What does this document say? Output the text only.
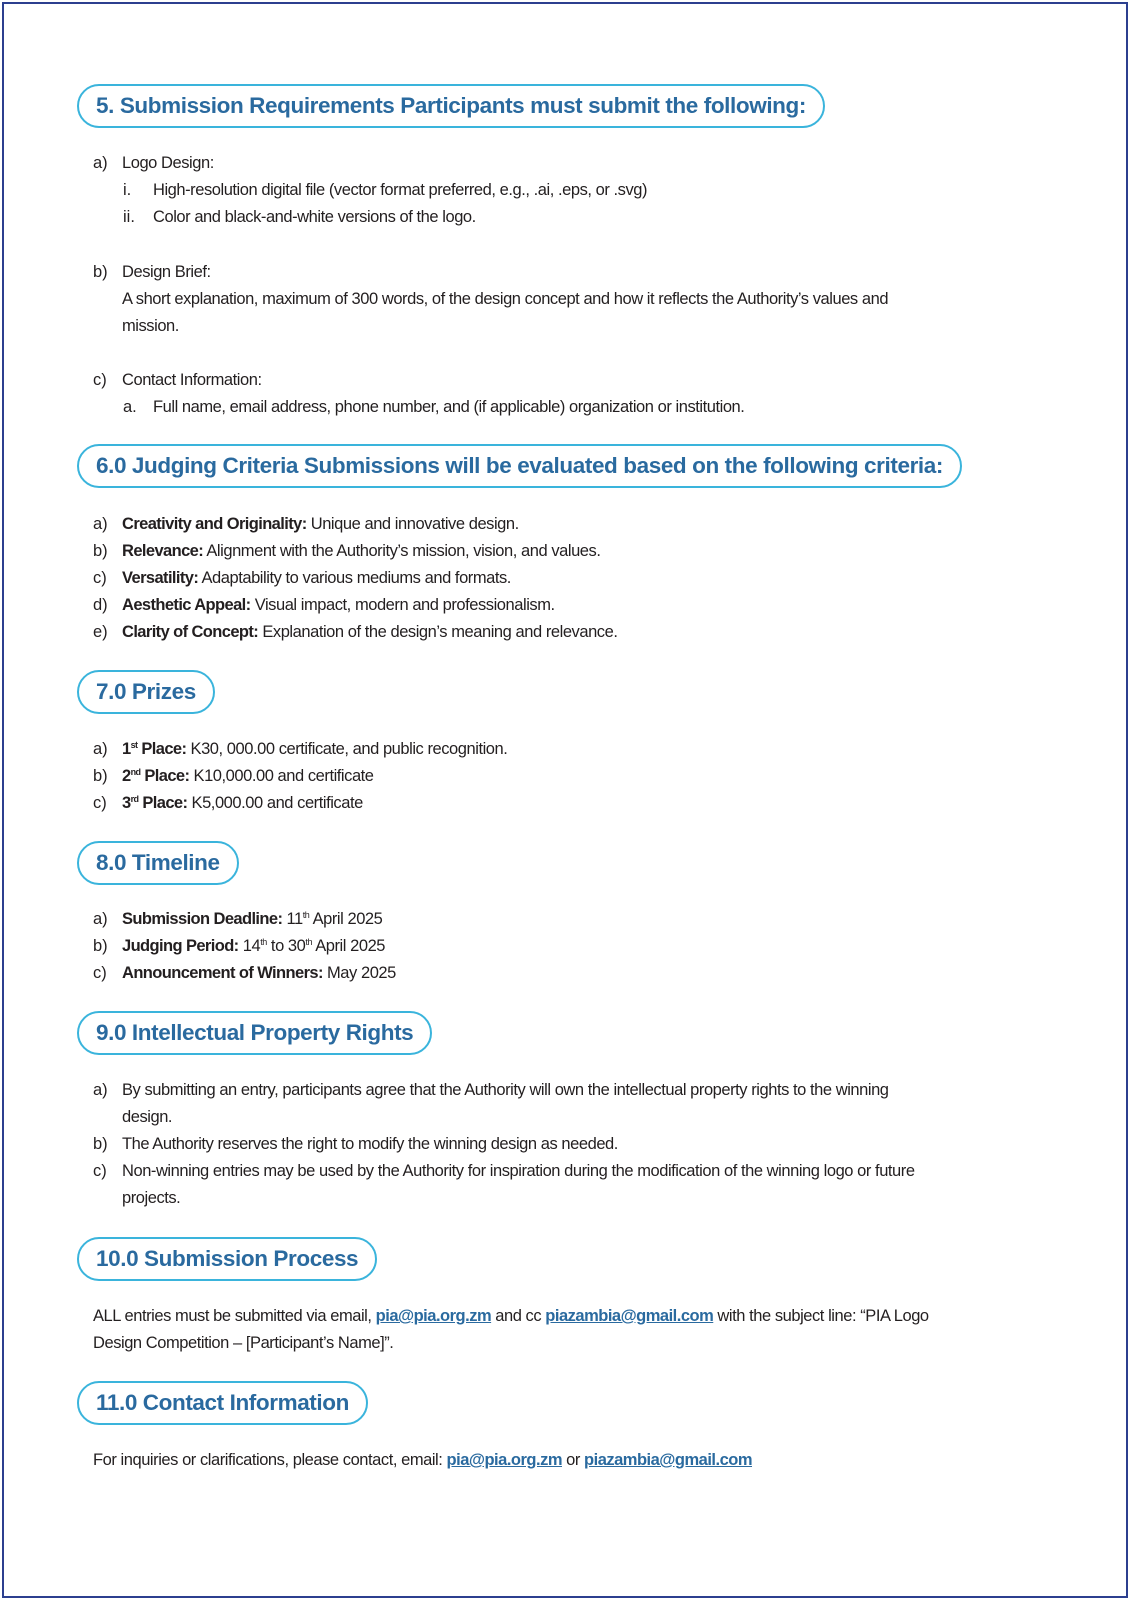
5. Submission Requirements Participants must submit the following:
a) Logo Design:
i. High-resolution digital file (vector format preferred, e.g., .ai, .eps, or .svg)
ii. Color and black-and-white versions of the logo.
b) Design Brief:
A short explanation, maximum of 300 words, of the design concept and how it reflects the Authority’s values and
mission.
c) Contact Information:
a. Full name, email address, phone number, and (if applicable) organization or institution.
6.0 Judging Criteria Submissions will be evaluated based on the following criteria:
a) Creativity and Originality: Unique and innovative design.
b) Relevance: Alignment with the Authority’s mission, vision, and values.
c) Versatility: Adaptability to various mediums and formats.
d) Aesthetic Appeal: Visual impact, modern and professionalism.
e) Clarity of Concept: Explanation of the design’s meaning and relevance.
7.0 Prizes
a) 1st Place: K30, 000.00 certificate, and public recognition.
b) 2nd Place: K10,000.00 and certificate
c) 3rd Place: K5,000.00 and certificate
8.0 Timeline
a) Submission Deadline: 11th April 2025
b) Judging Period: 14th to 30th April 2025
c) Announcement of Winners: May 2025
9.0 Intellectual Property Rights
a) By submitting an entry, participants agree that the Authority will own the intellectual property rights to the winning
design.
b) The Authority reserves the right to modify the winning design as needed.
c) Non-winning entries may be used by the Authority for inspiration during the modification of the winning logo or future
projects.
10.0 Submission Process
ALL entries must be submitted via email, pia@pia.org.zm and cc piazambia@gmail.com with the subject line: “PIA Logo
Design Competition – [Participant’s Name]”.
11.0 Contact Information
For inquiries or clarifications, please contact, email: pia@pia.org.zm or piazambia@gmail.com
